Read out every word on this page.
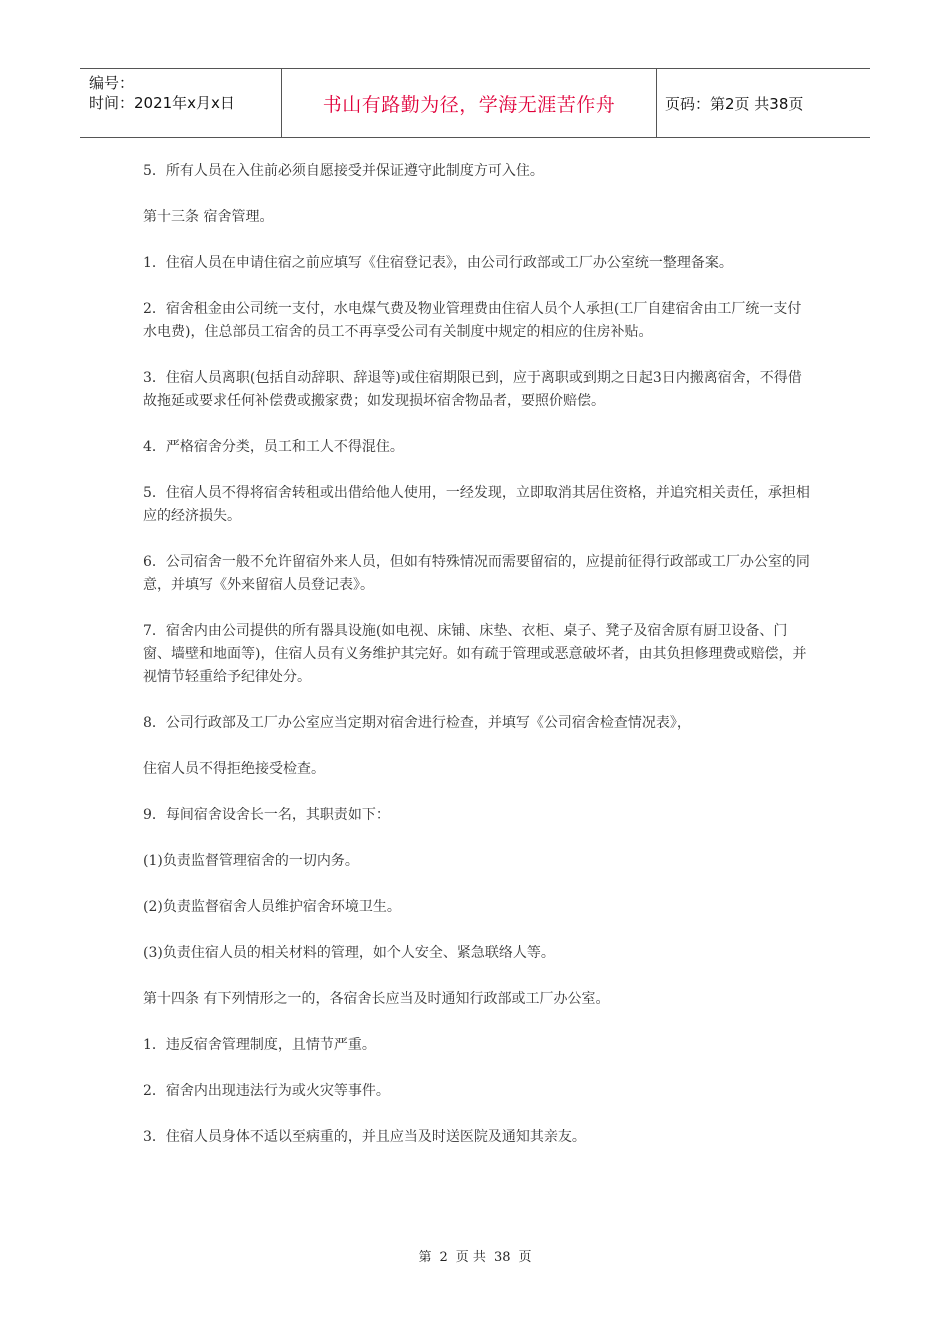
编号：
时间：2021年x月x日	书山有路勤为径，学海无涯苦作舟	页码：第2页 共38页

5．所有人员在入住前必须自愿接受并保证遵守此制度方可入住。

第十三条 宿舍管理。

1．住宿人员在申请住宿之前应填写《住宿登记表》，由公司行政部或工厂办公室统一整理备案。

2．宿舍租金由公司统一支付，水电煤气费及物业管理费由住宿人员个人承担(工厂自建宿舍由工厂统一支付水电费)，住总部员工宿舍的员工不再享受公司有关制度中规定的相应的住房补贴。

3．住宿人员离职(包括自动辞职、辞退等)或住宿期限已到，应于离职或到期之日起3日内搬离宿舍，不得借故拖延或要求任何补偿费或搬家费；如发现损坏宿舍物品者，要照价赔偿。

4．严格宿舍分类，员工和工人不得混住。

5．住宿人员不得将宿舍转租或出借给他人使用，一经发现，立即取消其居住资格，并追究相关责任，承担相应的经济损失。

6．公司宿舍一般不允许留宿外来人员，但如有特殊情况而需要留宿的，应提前征得行政部或工厂办公室的同意，并填写《外来留宿人员登记表》。

7．宿舍内由公司提供的所有器具设施(如电视、床铺、床垫、衣柜、桌子、凳子及宿舍原有厨卫设备、门窗、墙壁和地面等)，住宿人员有义务维护其完好。如有疏于管理或恶意破坏者，由其负担修理费或赔偿，并视情节轻重给予纪律处分。

8．公司行政部及工厂办公室应当定期对宿舍进行检查，并填写《公司宿舍检查情况表》，

住宿人员不得拒绝接受检查。

9．每间宿舍设舍长一名，其职责如下：

(1)负责监督管理宿舍的一切内务。

(2)负责监督宿舍人员维护宿舍环境卫生。

(3)负责住宿人员的相关材料的管理，如个人安全、紧急联络人等。

第十四条 有下列情形之一的，各宿舍长应当及时通知行政部或工厂办公室。

1．违反宿舍管理制度，且情节严重。

2．宿舍内出现违法行为或火灾等事件。

3．住宿人员身体不适以至病重的，并且应当及时送医院及通知其亲友。

第 2 页 共 38 页
